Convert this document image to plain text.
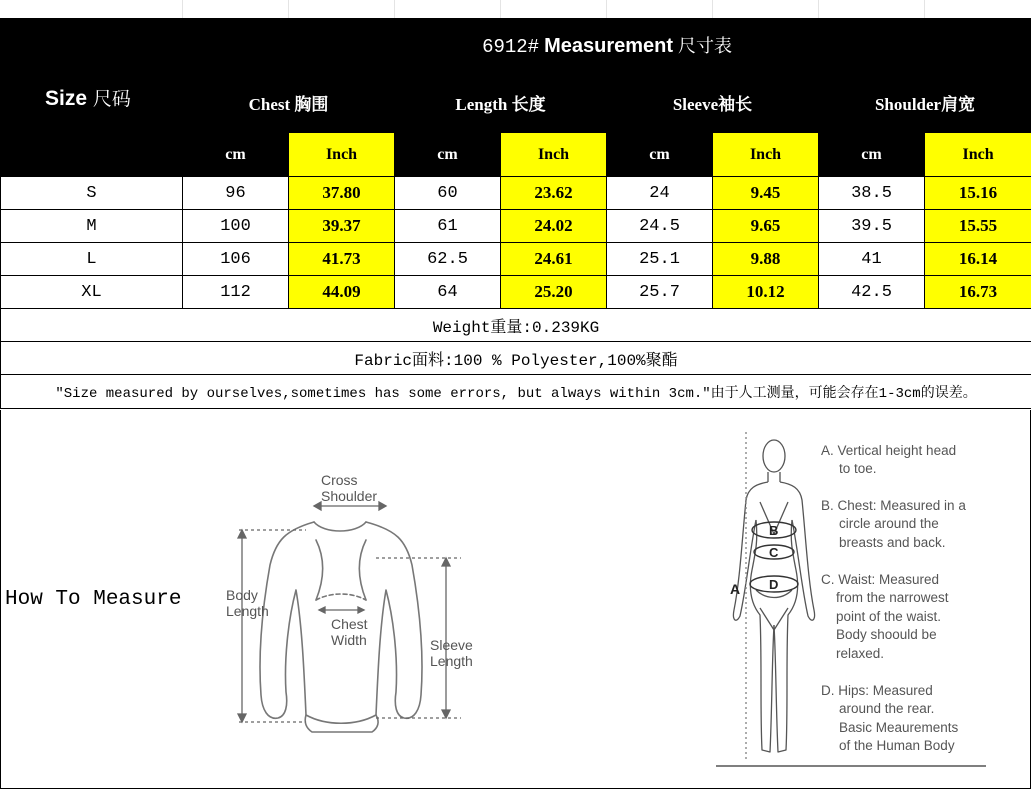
Size 尺码	6912# Measurement 尺寸表							
	Chest 胸围		Length 长度		Sleeve袖长		Shoulder肩宽	
	cm	Inch	cm	Inch	cm	Inch	cm	Inch
S	96	37.80	60	23.62	24	9.45	38.5	15.16
M	100	39.37	61	24.02	24.5	9.65	39.5	15.55
L	106	41.73	62.5	24.61	25.1	9.88	41	16.14
XL	112	44.09	64	25.20	25.7	10.12	42.5	16.73
Weight重量:0.239KG								
Fabric面料:100 % Polyester,100%聚酯								
"Size measured by ourselves,sometimes has some errors, but always within 3cm."由于人工测量，可能会存在1-3cm的误差。								
How To Measure
Cross
Shoulder
Body
Length
Chest
Width	Sleeve
Length
A
B
C
D
A. Vertical height head
to toe.
B. Chest: Measured in a
circle around the
breasts and back.
C. Waist: Measured
from the narrowest
point of the waist.
Body shoould be
relaxed.
D. Hips: Measured
around the rear.
Basic Meaurements
of the Human Body
